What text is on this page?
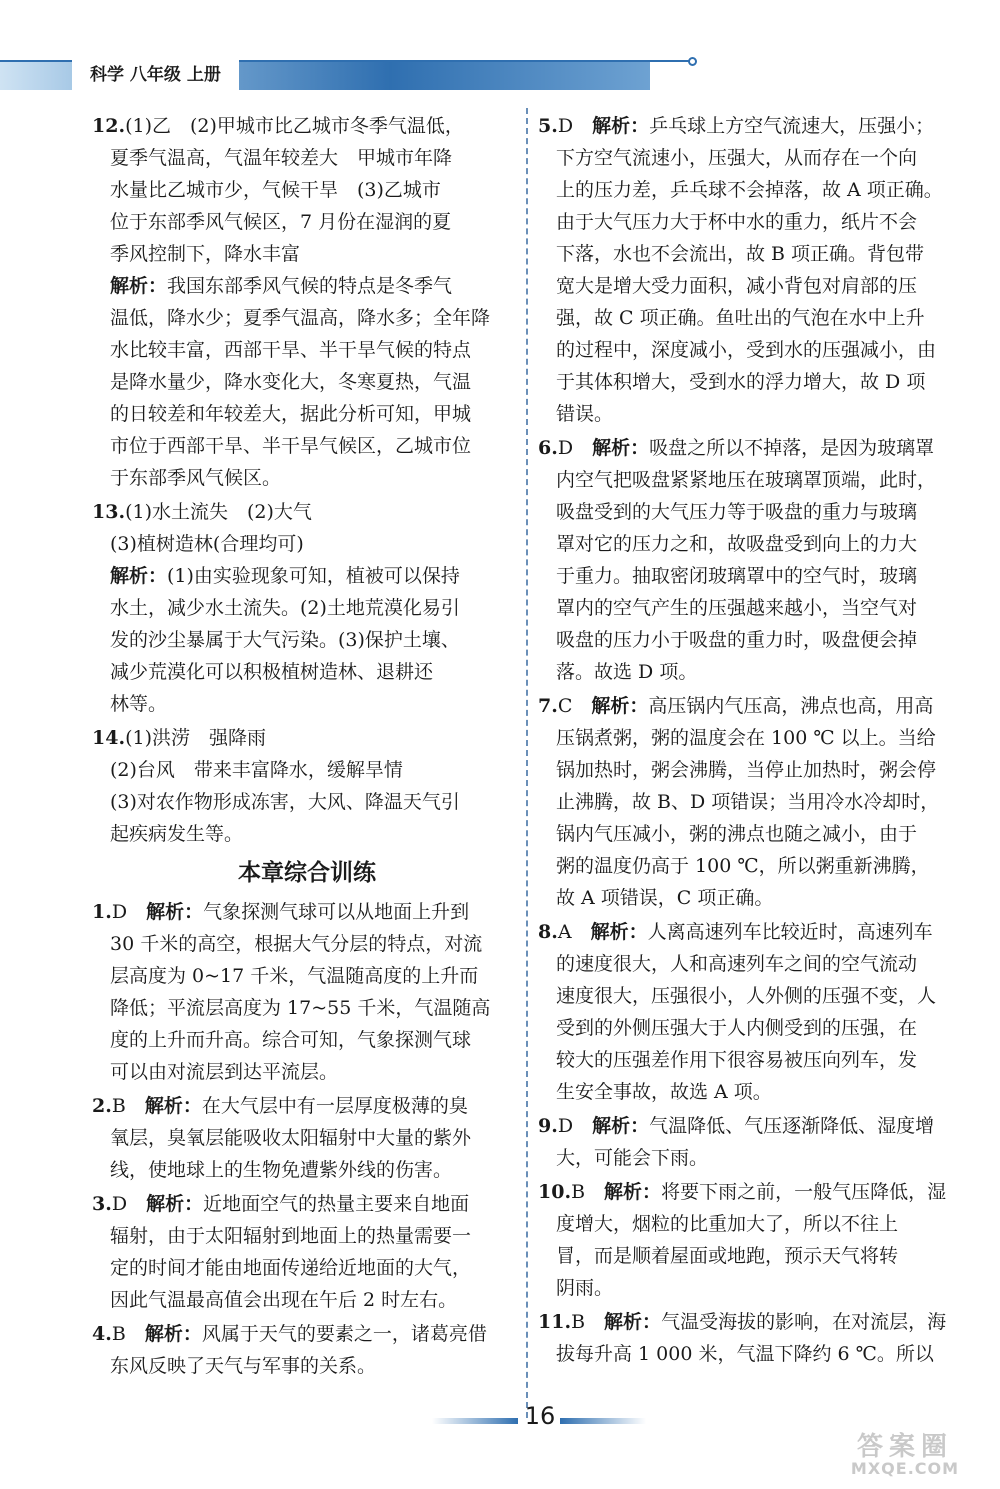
科学 八年级 上册
12.(1)乙　(2)甲城市比乙城市冬季气温低，
夏季气温高，气温年较差大　甲城市年降
水量比乙城市少，气候干旱　(3)乙城市
位于东部季风气候区，7 月份在湿润的夏
季风控制下，降水丰富
解析：我国东部季风气候的特点是冬季气
温低，降水少；夏季气温高，降水多；全年降
水比较丰富，西部干旱、半干旱气候的特点
是降水量少，降水变化大，冬寒夏热，气温
的日较差和年较差大，据此分析可知，甲城
市位于西部干旱、半干旱气候区，乙城市位
于东部季风气候区。
13.(1)水土流失　(2)大气
(3)植树造林(合理均可)
解析：(1)由实验现象可知，植被可以保持
水土，减少水土流失。(2)土地荒漠化易引
发的沙尘暴属于大气污染。(3)保护土壤、
减少荒漠化可以积极植树造林、退耕还
林等。
14.(1)洪涝　强降雨
(2)台风　带来丰富降水，缓解旱情
(3)对农作物形成冻害，大风、降温天气引
起疾病发生等。
本章综合训练
1.D　 解析：气象探测气球可以从地面上升到
30 千米的高空，根据大气分层的特点，对流
层高度为 0~17 千米，气温随高度的上升而
降低；平流层高度为 17~55 千米，气温随高
度的上升而升高。综合可知，气象探测气球
可以由对流层到达平流层。
2.B　 解析：在大气层中有一层厚度极薄的臭
氧层，臭氧层能吸收太阳辐射中大量的紫外
线，使地球上的生物免遭紫外线的伤害。
3.D　 解析：近地面空气的热量主要来自地面
辐射，由于太阳辐射到地面上的热量需要一
定的时间才能由地面传递给近地面的大气，
因此气温最高值会出现在午后 2 时左右。
4.B　 解析：风属于天气的要素之一，诸葛亮借
东风反映了天气与军事的关系。
5.D　 解析：乒乓球上方空气流速大，压强小；
下方空气流速小，压强大，从而存在一个向
上的压力差，乒乓球不会掉落，故 A 项正确。
由于大气压力大于杯中水的重力，纸片不会
下落，水也不会流出，故 B 项正确。背包带
宽大是增大受力面积，减小背包对肩部的压
强，故 C 项正确。鱼吐出的气泡在水中上升
的过程中，深度减小，受到水的压强减小，由
于其体积增大，受到水的浮力增大，故 D 项
错误。
6.D　 解析：吸盘之所以不掉落，是因为玻璃罩
内空气把吸盘紧紧地压在玻璃罩顶端，此时，
吸盘受到的大气压力等于吸盘的重力与玻璃
罩对它的压力之和，故吸盘受到向上的力大
于重力。抽取密闭玻璃罩中的空气时，玻璃
罩内的空气产生的压强越来越小，当空气对
吸盘的压力小于吸盘的重力时，吸盘便会掉
落。故选 D 项。
7.C　 解析：高压锅内气压高，沸点也高，用高
压锅煮粥，粥的温度会在 100 ℃ 以上。当给
锅加热时，粥会沸腾，当停止加热时，粥会停
止沸腾，故 B、D 项错误；当用冷水冷却时，
锅内气压减小，粥的沸点也随之减小，由于
粥的温度仍高于 100 ℃，所以粥重新沸腾，
故 A 项错误，C 项正确。
8.A　 解析：人离高速列车比较近时，高速列车
的速度很大，人和高速列车之间的空气流动
速度很大，压强很小，人外侧的压强不变，人
受到的外侧压强大于人内侧受到的压强，在
较大的压强差作用下很容易被压向列车，发
生安全事故，故选 A 项。
9.D　 解析：气温降低、气压逐渐降低、湿度增
大，可能会下雨。
10.B　 解析：将要下雨之前，一般气压降低，湿
度增大，烟粒的比重加大了，所以不往上
冒，而是顺着屋面或地跑，预示天气将转
阴雨。
11.B　 解析：气温受海拔的影响，在对流层，海
拔每升高 1 000 米，气温下降约 6 ℃。所以
16
答案圈
MXQE.COM
